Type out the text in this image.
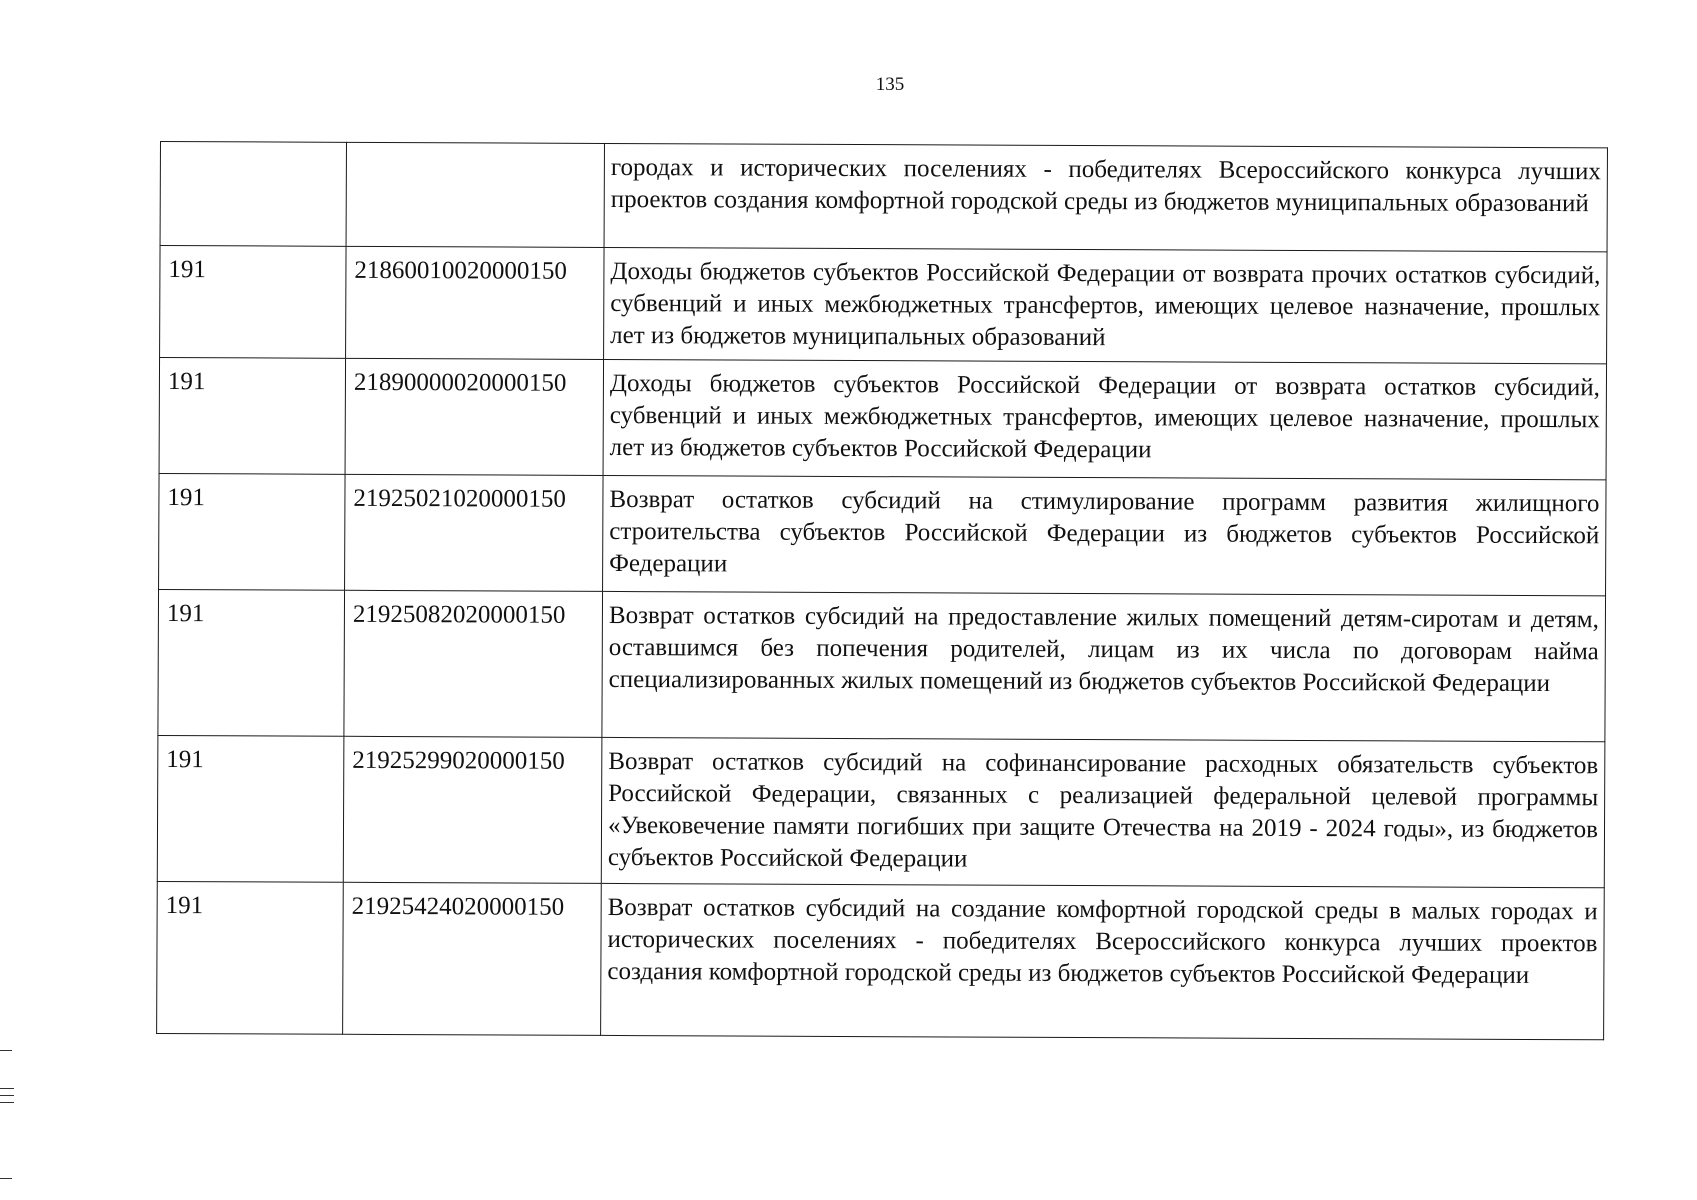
135
		городах и исторических поселениях - победителях Всероссийского конкурса лучших проектов создания комфортной городской среды из бюджетов муниципальных образований
191	21860010020000150	Доходы бюджетов субъектов Российской Федерации от возврата прочих остатков субсидий, субвенций и иных межбюджетных трансфертов, имеющих целевое назначение, прошлых лет из бюджетов муниципальных образований
191	21890000020000150	Доходы бюджетов субъектов Российской Федерации от возврата остатков субсидий, субвенций и иных межбюджетных трансфертов, имеющих целевое назначение, прошлых лет из бюджетов субъектов Российской Федерации
191	21925021020000150	Возврат остатков субсидий на стимулирование программ развития жилищного строительства субъектов Российской Федерации из бюджетов субъектов Российской Федерации
191	21925082020000150	Возврат остатков субсидий на предоставление жилых помещений детям-сиротам и детям, оставшимся без попечения родителей, лицам из их числа по договорам найма специализированных жилых помещений из бюджетов субъектов Российской Федерации
191	21925299020000150	Возврат остатков субсидий на софинансирование расходных обязательств субъектов Российской Федерации, связанных с реализацией федеральной целевой программы «Увековечение памяти погибших при защите Отечества на 2019 - 2024 годы», из бюджетов субъектов Российской Федерации
191	21925424020000150	Возврат остатков субсидий на создание комфортной городской среды в малых городах и исторических поселениях - победителях Всероссийского конкурса лучших проектов создания комфортной городской среды из бюджетов субъектов Российской Федерации
